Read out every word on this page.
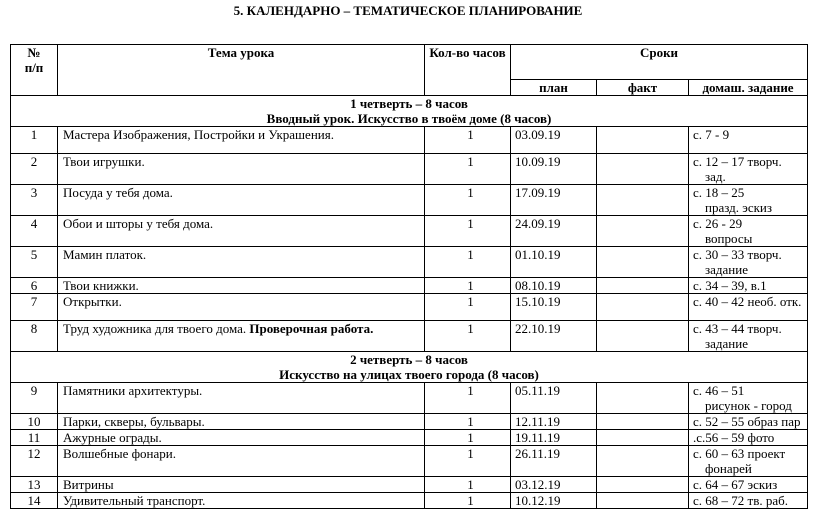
5. КАЛЕНДАРНО – ТЕМАТИЧЕСКОЕ ПЛАНИРОВАНИЕ
№
п/п	Тема урока	Кол-во часов	Сроки		
			план	факт	домаш. задание
1 четверть – 8 часов
Вводный урок. Искусство в твоём доме (8 часов)					
1	Мастера Изображения, Постройки и Украшения.	1	03.09.19		с. 7 - 9

2	Твои игрушки.	1	10.09.19		с. 12 – 17 творч.
зад.

3	Посуда у тебя дома.	1	17.09.19		с. 18 – 25
празд. эскиз

4	Обои и шторы у тебя дома.	1	24.09.19		с. 26 - 29
вопросы

5	Мамин платок.	1	01.10.19		с. 30 – 33 творч.
задание

6	Твои книжки.	1	08.10.19		с. 34 – 39, в.1

7	Открытки.	1	15.10.19		с. 40 – 42 необ. отк.

8	Труд художника для твоего дома. Проверочная работа.	1	22.10.19		с. 43 – 44 творч.
задание

2 четверть – 8 часов
Искусство на улицах твоего города (8 часов)					
9	Памятники архитектуры.	1	05.11.19		с. 46 – 51
рисунок - город

10	Парки, скверы, бульвары.	1	12.11.19		с. 52 – 55 образ пар

11	Ажурные ограды.	1	19.11.19		.с.56 – 59 фото

12	Волшебные фонари.	1	26.11.19		с. 60 – 63 проект
фонарей

13	Витрины	1	03.12.19		с. 64 – 67 эскиз

14	Удивительный транспорт.	1	10.12.19		с. 68 – 72 тв. раб.
